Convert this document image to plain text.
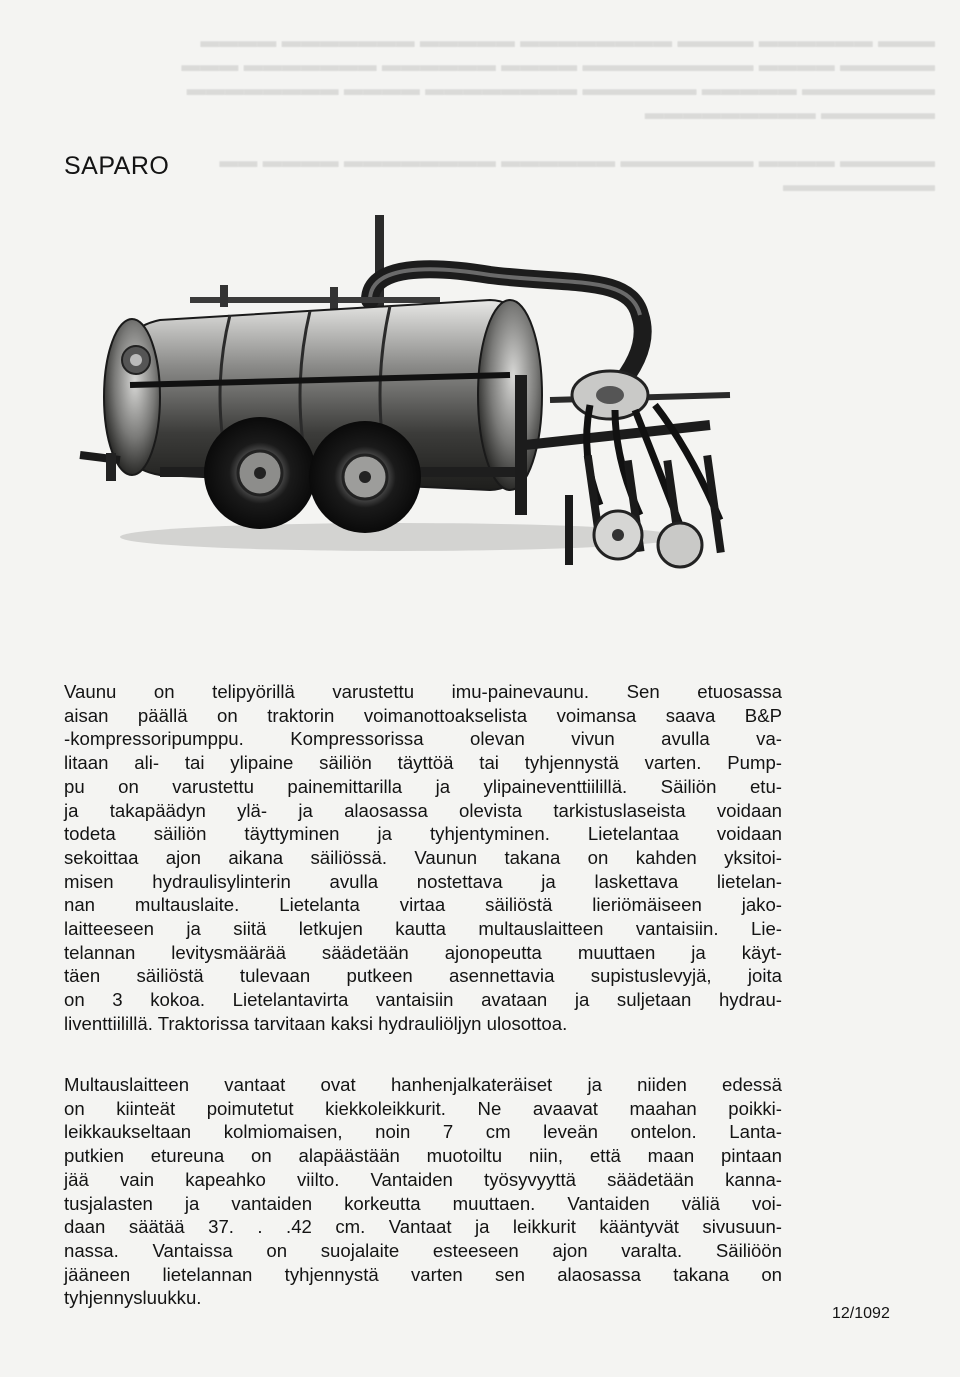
▬▬▬ ▬▬▬▬▬▬ ▬▬▬▬ ▬▬▬▬▬▬▬▬ ▬▬▬▬▬ ▬▬▬▬▬▬▬ ▬▬▬▬
▬▬▬▬▬ ▬▬▬▬ ▬▬▬▬▬▬▬▬▬ ▬▬▬▬ ▬▬▬▬▬▬ ▬▬▬▬▬▬▬ ▬▬▬
▬▬▬▬▬▬▬ ▬▬▬▬▬ ▬▬▬▬▬▬ ▬▬▬▬▬▬▬▬ ▬▬▬▬ ▬▬▬▬▬▬▬▬
▬▬▬▬▬▬ ▬▬▬▬▬▬▬▬▬

▬▬▬▬▬ ▬▬▬▬ ▬▬▬▬▬▬▬ ▬▬▬▬▬▬ ▬▬▬▬▬▬▬▬ ▬▬▬▬ ▬▬
▬▬▬▬▬▬▬▬
SAPARO

Vaunu on telipyörillä varustettu imu-painevaunu. Sen etuosassa
aisan päällä on traktorin voimanottoakselista voimansa saava B&P
-kompressoripumppu. Kompressorissa olevan vivun avulla va-
litaan ali- tai ylipaine säiliön täyttöä tai tyhjennystä varten. Pump-
pu on varustettu painemittarilla ja ylipaineventtiilillä. Säiliön etu-
ja takapäädyn ylä- ja alaosassa olevista tarkistuslaseista voidaan
todeta säiliön täyttyminen ja tyhjentyminen. Lietelantaa voidaan
sekoittaa ajon aikana säiliössä. Vaunun takana on kahden yksitoi-
misen hydraulisylinterin avulla nostettava ja laskettava lietelan-
nan multauslaite. Lietelanta virtaa säiliöstä lieriömäiseen jako-
laitteeseen ja siitä letkujen kautta multauslaitteen vantaisiin. Lie-
telannan levitysmäärää säädetään ajonopeutta muuttaen ja käyt-
täen säiliöstä tulevaan putkeen asennettavia supistuslevyjä, joita
on 3 kokoa. Lietelantavirta vantaisiin avataan ja suljetaan hydrau-
liventtiilillä. Traktorissa tarvitaan kaksi hydrauliöljyn ulosottoa.

Multauslaitteen vantaat ovat hanhenjalkateräiset ja niiden edessä
on kiinteät poimutetut kiekkoleikkurit. Ne avaavat maahan poikki-
leikkaukseltaan kolmiomaisen, noin 7 cm leveän ontelon. Lanta-
putkien etureuna on alapäästään muotoiltu niin, että maan pintaan
jää vain kapeahko viilto. Vantaiden työsyvyyttä säädetään kanna-
tusjalasten ja vantaiden korkeutta muuttaen. Vantaiden väliä voi-
daan säätää 37. . .42 cm. Vantaat ja leikkurit kääntyvät sivusuun-
nassa. Vantaissa on suojalaite esteeseen ajon varalta. Säiliöön
jääneen lietelannan tyhjennystä varten sen alaosassa takana on
tyhjennysluukku.

12/1092
